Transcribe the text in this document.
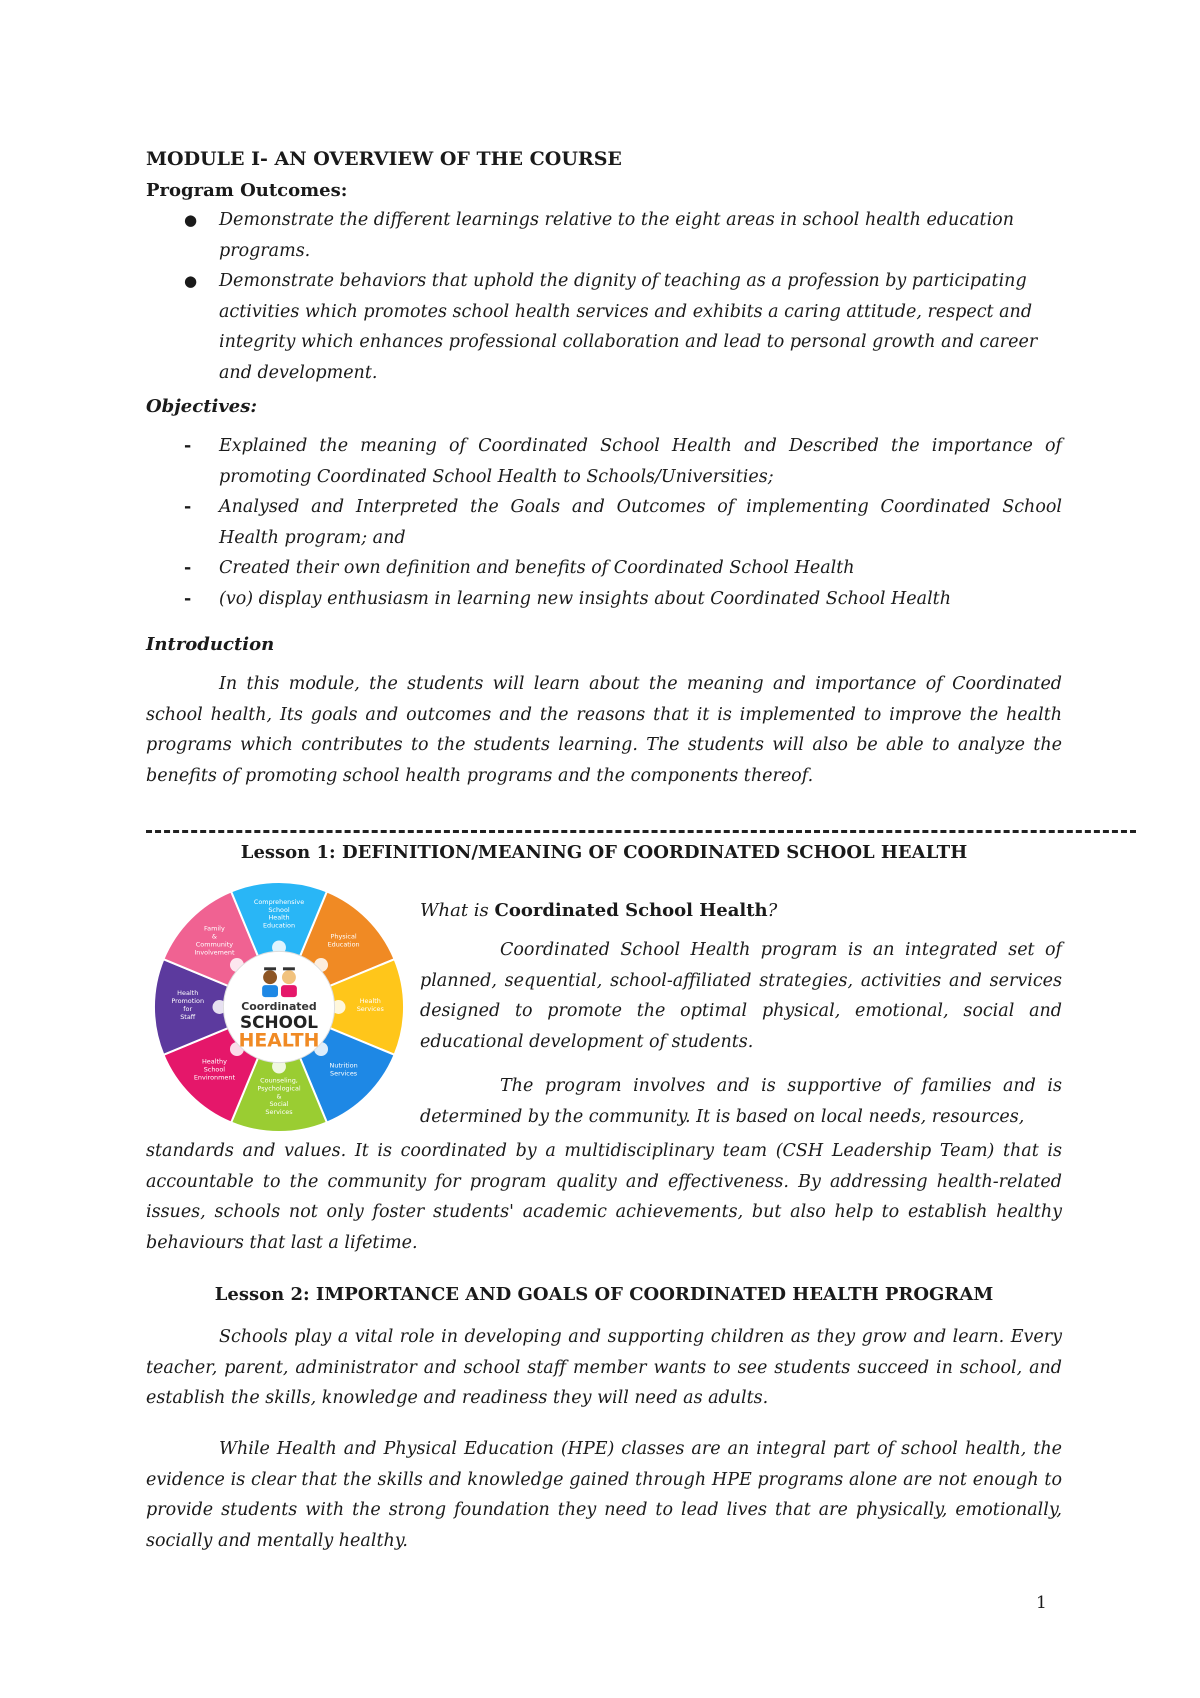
MODULE I- AN OVERVIEW OF THE COURSE
Program Outcomes:
● Demonstrate the different learnings relative to the eight areas in school health education programs.
● Demonstrate behaviors that uphold the dignity of teaching as a profession by participating activities which promotes school health services and exhibits a caring attitude, respect and integrity which enhances professional collaboration and lead to personal growth and career and development.
Objectives:
- Explained the meaning of Coordinated School Health and Described the importance of promoting Coordinated School Health to Schools/Universities;
- Analysed and Interpreted the Goals and Outcomes of implementing Coordinated School Health program; and
- Created their own definition and benefits of Coordinated School Health
- (vo) display enthusiasm in learning new insights about Coordinated School Health
Introduction

In this module, the students will learn about the meaning and importance of Coordinated school health, Its goals and outcomes and the reasons that it is implemented to improve the health programs which contributes to the students learning. The students will also be able to analyze the benefits of promoting school health programs and the components thereof.

Lesson 1: DEFINITION/MEANING OF COORDINATED SCHOOL HEALTH
Physical Education
Health Services
Nutrition Services
Counseling, Psychological & Social Services
Healthy School Environment
Health Promotion for Staff
Family & Community Involvement
Comprehensive School Health Education
Coordinated
SCHOOL
HEALTH
What is Coordinated School Health?

Coordinated School Health program is an integrated set of planned, sequential, school-affiliated strategies, activities and services designed to promote the optimal physical, emotional, social and educational development of students.

The program involves and is supportive of families and is determined by the community. It is based on local needs, resources,

standards and values. It is coordinated by a multidisciplinary team (CSH Leadership Team) that is accountable to the community for program quality and effectiveness. By addressing health-related issues, schools not only foster students' academic achievements, but also help to establish healthy behaviours that last a lifetime.

Lesson 2: IMPORTANCE AND GOALS OF COORDINATED HEALTH PROGRAM

Schools play a vital role in developing and supporting children as they grow and learn. Every teacher, parent, administrator and school staff member wants to see students succeed in school, and establish the skills, knowledge and readiness they will need as adults.

While Health and Physical Education (HPE) classes are an integral part of school health, the evidence is clear that the skills and knowledge gained through HPE programs alone are not enough to provide students with the strong foundation they need to lead lives that are physically, emotionally, socially and mentally healthy.

1
